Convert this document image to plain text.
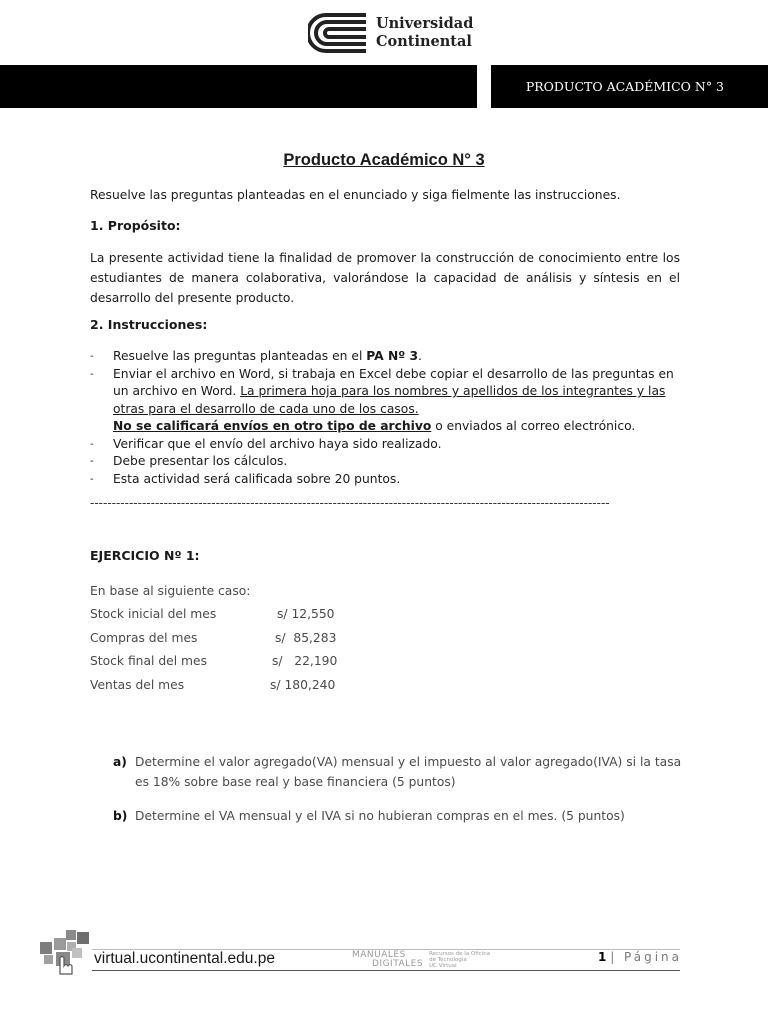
Universidad
Continental
PRODUCTO ACADÉMICO N° 3
Producto Académico N° 3
Resuelve las preguntas planteadas en el enunciado y siga fielmente las instrucciones.
1. Propósito:
La presente actividad tiene la finalidad de promover la construcción de conocimiento entre los estudiantes de manera colaborativa, valorándose la capacidad de análisis y síntesis en el desarrollo del presente producto.
2. Instrucciones:
- Resuelve las preguntas planteadas en el PA Nº 3.
- Enviar el archivo en Word, si trabaja en Excel debe copiar el desarrollo de las preguntas en un archivo en Word. La primera hoja para los nombres y apellidos de los integrantes y las otras para el desarrollo de cada uno de los casos.
No se calificará envíos en otro tipo de archivo o enviados al correo electrónico.
- Verificar que el envío del archivo haya sido realizado.
- Debe presentar los cálculos.
- Esta actividad será calificada sobre 20 puntos.
------------------------------------------------------------------------------------------------------------------------
EJERCICIO Nº 1:
En base al siguiente caso:
Stock inicial del mes	s/ 12,550
Compras del mes	s/  85,283
Stock final del mes	s/   22,190
Ventas del mes	s/ 180,240
a) Determine el valor agregado(VA) mensual y el impuesto al valor agregado(IVA) si la tasa es 18% sobre base real y base financiera (5 puntos)
b) Determine el VA mensual y el IVA si no hubieran compras en el mes. (5 puntos)
virtual.ucontinental.edu.pe	MANUALES
DIGITALES
Recursos de la Oficina
de Tecnología
UC Virtual
1 | Página
